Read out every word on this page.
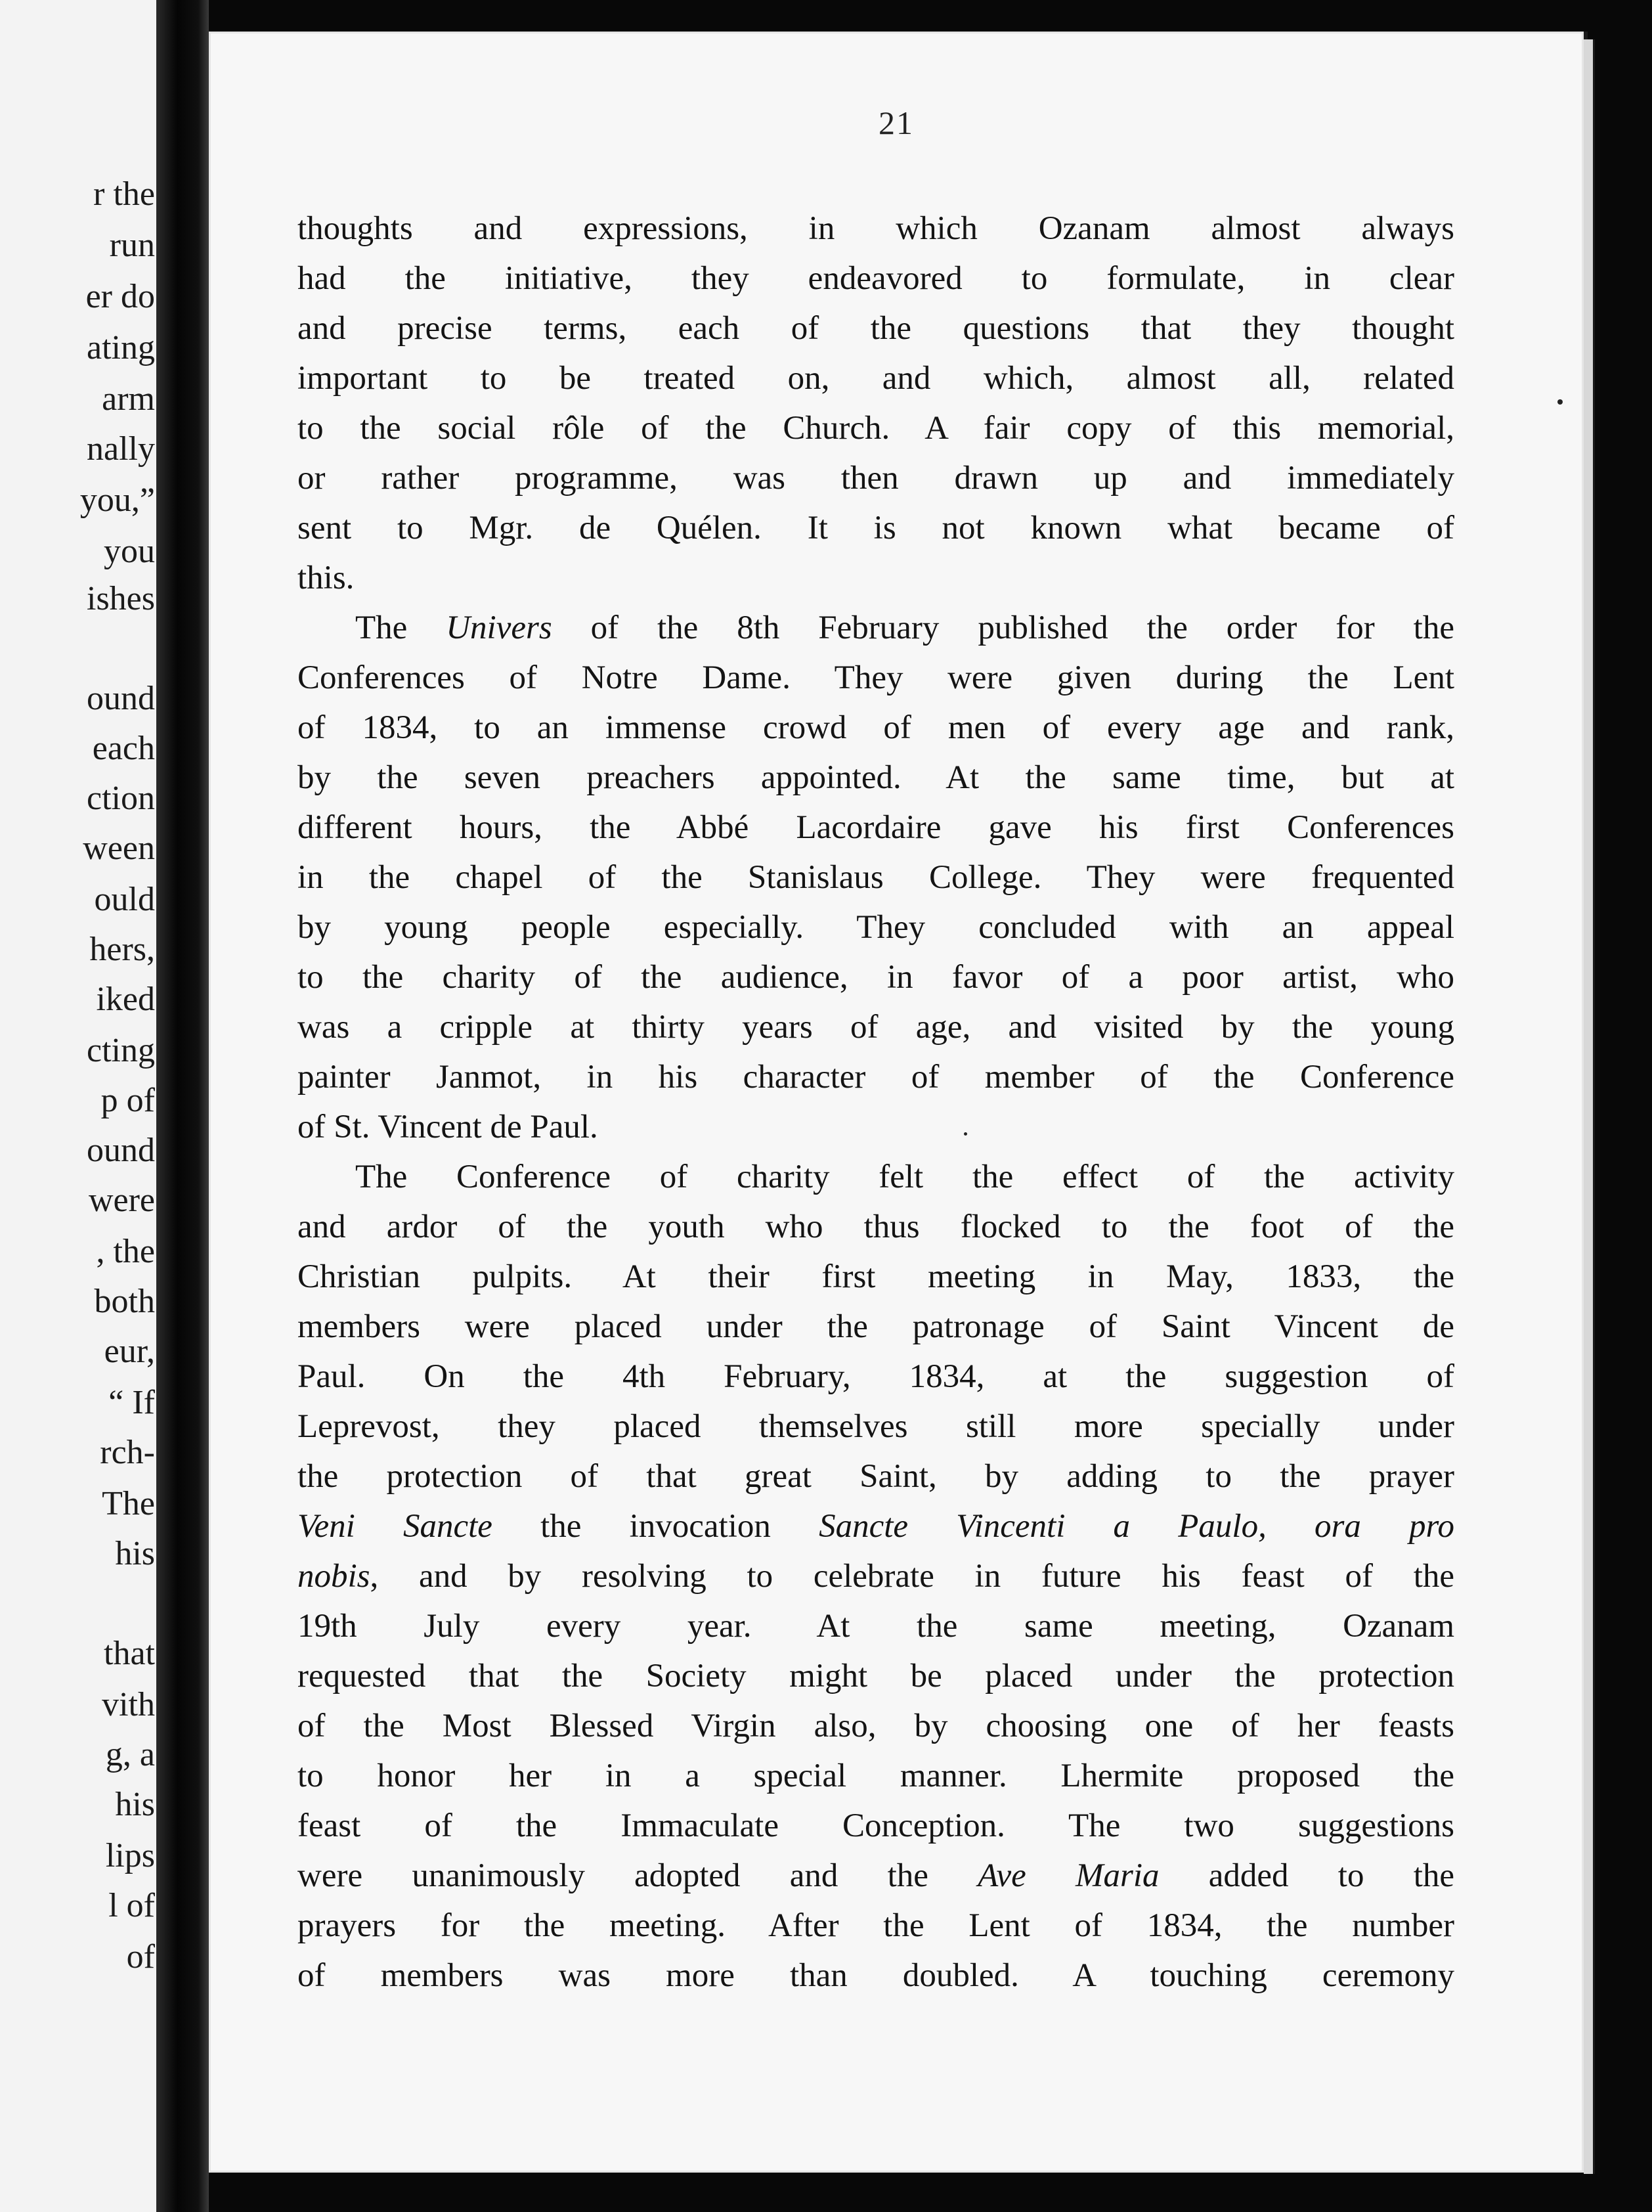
r the
run
er do
ating
arm
nally
you,”
you
ishes
ound
each
ction
ween
ould
hers,
iked
cting
p of
ound
were
, the
both
eur,
“ If
rch-
The
his
that
vith
g, a
his
lips
l of
of
21
thoughts and expressions, in which Ozanam almost always
had the initiative, they endeavored to formulate, in clear
and precise terms, each of the questions that they thought
important to be treated on, and which, almost all, related
to the social rôle of the Church. A fair copy of this memorial,
or rather programme, was then drawn up and immediately
sent to Mgr. de Quélen. It is not known what became of
this.
The Univers of the 8th February published the order for the
Conferences of Notre Dame. They were given during the Lent
of 1834, to an immense crowd of men of every age and rank,
by the seven preachers appointed. At the same time, but at
different hours, the Abbé Lacordaire gave his first Conferences
in the chapel of the Stanislaus College. They were frequented
by young people especially. They concluded with an appeal
to the charity of the audience, in favor of a poor artist, who
was a cripple at thirty years of age, and visited by the young
painter Janmot, in his character of member of the Conference
of St. Vincent de Paul.
The Conference of charity felt the effect of the activity
and ardor of the youth who thus flocked to the foot of the
Christian pulpits. At their first meeting in May, 1833, the
members were placed under the patronage of Saint Vincent de
Paul. On the 4th February, 1834, at the suggestion of
Leprevost, they placed themselves still more specially under
the protection of that great Saint, by adding to the prayer
Veni Sancte the invocation Sancte Vincenti a Paulo, ora pro
nobis, and by resolving to celebrate in future his feast of the
19th July every year. At the same meeting, Ozanam
requested that the Society might be placed under the protection
of the Most Blessed Virgin also, by choosing one of her feasts
to honor her in a special manner. Lhermite proposed the
feast of the Immaculate Conception. The two suggestions
were unanimously adopted and the Ave Maria added to the
prayers for the meeting. After the Lent of 1834, the number
of members was more than doubled. A touching ceremony
